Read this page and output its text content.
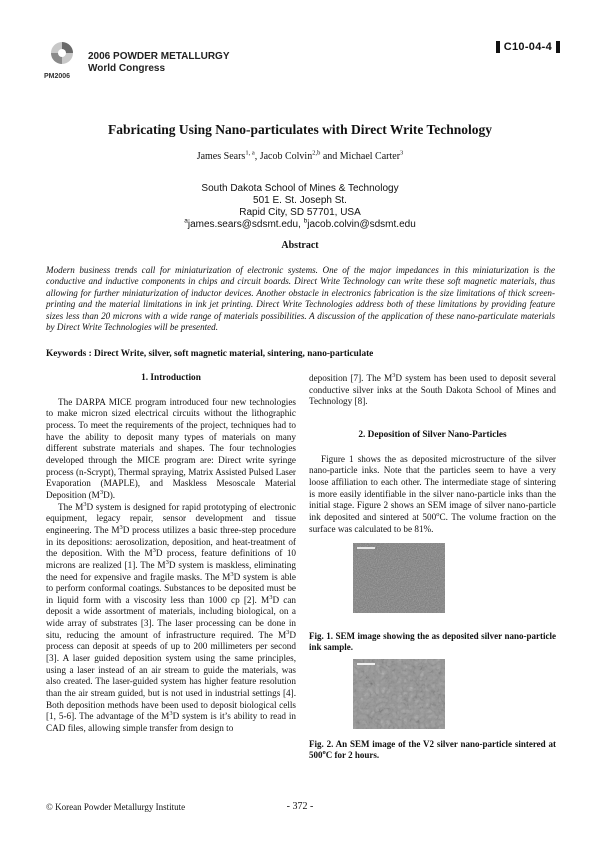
2006 POWDER METALLURGY
World Congress
PM2006
C10-04-4
Fabricating Using Nano-particulates with Direct Write Technology
James Sears$^{1, a}$, Jacob Colvin$^{2,b}$ and Michael Carter$^3$
South Dakota School of Mines & Technology
501 E. St. Joseph St.
Rapid City, SD 57701, USA
$^a$james.sears@sdsmt.edu, $^b$jacob.colvin@sdsmt.edu
Abstract
Modern business trends call for miniaturization of electronic systems. One of the major impedances in this miniaturization is the conductive and inductive components in chips and circuit boards. Direct Write Technology can write these soft magnetic materials, thus allowing for further miniaturization of inductor devices. Another obstacle in electronics fabrication is the size limitations of thick screen-printing and the material limitations in ink jet printing. Direct Write Technologies address both of these limitations by providing feature sizes less than 20 microns with a wide range of materials possibilities. A discussion of the application of these nano-particulate materials by Direct Write Technologies will be presented.
Keywords : Direct Write, silver, soft magnetic material, sintering, nano-particulate
1. Introduction
The DARPA MICE program introduced four new technologies to make micron sized electrical circuits without the lithographic process. To meet the requirements of the project, techniques had to have the ability to deposit many types of materials on many different substrate materials and shapes. The four technologies developed through the MICE program are: Direct write syringe process (n-Scrypt), Thermal spraying, Matrix Assisted Pulsed Laser Evaporation (MAPLE), and Maskless Mesoscale Material Deposition $(M^3D)$.
The $M^3D$ system is designed for rapid prototyping of electronic equipment, legacy repair, sensor development and tissue engineering. The $M^3D$ process utilizes a basic three-step procedure in its depositions: aerosolization, deposition, and heat-treatment of the deposition. With the $M^3D$ process, feature definitions of 10 microns are realized [1]. The $M^3D$ system is maskless, eliminating the need for expensive and fragile masks. The $M^3D$ system is able to perform conformal coatings. Substances to be deposited must be in liquid form with a viscosity less than 1000 cp [2]. $M^3D$ can deposit a wide assortment of materials, including biological, on a wide array of substrates [3]. The laser processing can be done in situ, reducing the amount of infrastructure required. The $M^3D$ process can deposit at speeds of up to 200 millimeters per second [3]. A laser guided deposition system using the same principles, using a laser instead of an air stream to guide the materials, was also created. The laser-guided system has higher feature resolution than the air stream guided, but is not used in industrial settings [4]. Both deposition methods have been used to deposit biological cells [1, 5-6]. The advantage of the $M^3D$ system is it’s ability to read in CAD files, allowing simple transfer from design to
deposition [7]. The $M^3D$ system has been used to deposit several conductive silver inks at the South Dakota School of Mines and Technology [8].
2. Deposition of Silver Nano-Particles
Figure 1 shows the as deposited microstructure of the silver nano-particle inks. Note that the particles seem to have a very loose affiliation to each other. The intermediate stage of sintering is more easily identifiable in the silver nano-particle inks than the initial stage. Figure 2 shows an SEM image of silver nano-particle ink deposited and sintered at 500$^o$C. The volume fraction on the surface was calculated to be 81%.
Fig. 1. SEM image showing the as deposited silver nano-particle ink sample.
Fig. 2. An SEM image of the V2 silver nano-particle sintered at 500$^o$C for 2 hours.
© Korean Powder Metallurgy Institute	- 372 -
